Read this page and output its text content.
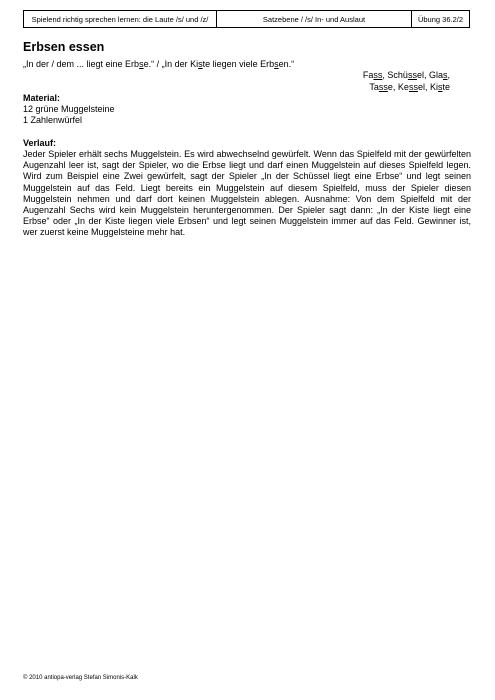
Spielend richtig sprechen lernen: die Laute /s/ und /z/	Satzebene / /s/ In- und Auslaut	Übung 36.2/2
Erbsen essen
„In der / dem ... liegt eine Erbse.“ / „In der Kiste liegen viele Erbsen.“
Fass, Schüssel, Glas,
Tasse, Kessel, Kiste
Material:
12 grüne Muggelsteine
1 Zahlenwürfel
Verlauf:
Jeder Spieler erhält sechs Muggelstein. Es wird abwechselnd gewürfelt. Wenn das Spielfeld mit der gewürfelten Augenzahl leer ist, sagt der Spieler, wo die Erbse liegt und darf einen Muggelstein auf dieses Spielfeld legen. Wird zum Beispiel eine Zwei gewürfelt, sagt der Spieler „In der Schüssel liegt eine Erbse“ und legt seinen Muggelstein auf das Feld. Liegt bereits ein Muggelstein auf diesem Spielfeld, muss der Spieler diesen Muggelstein nehmen und darf dort keinen Muggelstein ablegen. Ausnahme: Von dem Spielfeld mit der Augenzahl Sechs wird kein Muggelstein heruntergenommen. Der Spieler sagt dann: „In der Kiste liegt eine Erbse“ oder „In der Kiste liegen viele Erbsen“ und legt seinen Muggelstein immer auf das Feld. Gewinner ist, wer zuerst keine Muggelsteine mehr hat.
© 2010 antiopa-verlag Stefan Simonis-Kalk
